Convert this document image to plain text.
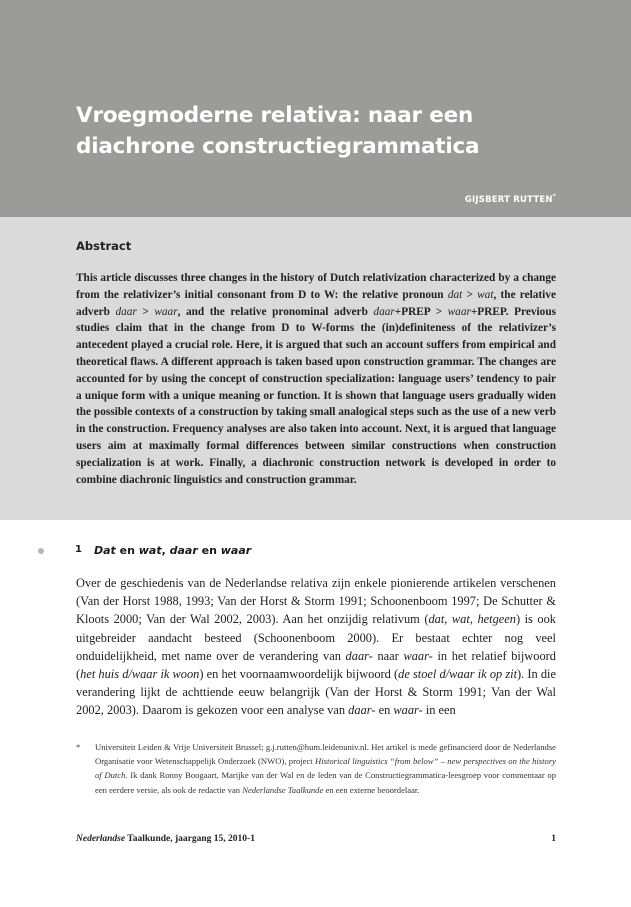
Vroegmoderne relativa: naar een diachrone constructiegrammatica
GIJSBERT RUTTEN*
Abstract
This article discusses three changes in the history of Dutch relativization characterized by a change from the relativizer’s initial consonant from D to W: the relative pronoun dat > wat, the relative adverb daar > waar, and the relative pronominal adverb daar+PREP > waar+PREP. Previous studies claim that in the change from D to W-forms the (in)definiteness of the relativizer’s antecedent played a crucial role. Here, it is argued that such an account suffers from empirical and theoretical flaws. A different approach is taken based upon construction grammar. The changes are accounted for by using the concept of construction specialization: language users’ tendency to pair a unique form with a unique meaning or function. It is shown that language users gradually widen the possible contexts of a construction by taking small analogical steps such as the use of a new verb in the construction. Frequency analyses are also taken into account. Next, it is argued that language users aim at maximally formal differences between similar constructions when construction specialization is at work. Finally, a diachronic construction network is developed in order to combine diachronic linguistics and construction grammar.
1 Dat en wat, daar en waar
Over de geschiedenis van de Nederlandse relativa zijn enkele pionierende artikelen verschenen (Van der Horst 1988, 1993; Van der Horst & Storm 1991; Schoonenboom 1997; De Schutter & Kloots 2000; Van der Wal 2002, 2003). Aan het onzijdig relativum (dat, wat, hetgeen) is ook uitgebreider aandacht besteed (Schoonenboom 2000). Er bestaat echter nog veel onduidelijkheid, met name over de verandering van daar- naar waar- in het relatief bijwoord (het huis d/waar ik woon) en het voornaamwoordelijk bijwoord (de stoel d/waar ik op zit). In die verandering lijkt de achttiende eeuw belangrijk (Van der Horst & Storm 1991; Van der Wal 2002, 2003). Daarom is gekozen voor een analyse van daar- en waar- in een
* Universiteit Leiden & Vrije Universiteit Brussel; g.j.rutten@hum.leidenuniv.nl. Het artikel is mede gefinancierd door de Nederlandse Organisatie voor Wetenschappelijk Onderzoek (NWO), project Historical linguistics “from below” – new perspectives on the history of Dutch. Ik dank Ronny Boogaart, Marijke van der Wal en de leden van de Constructiegrammatica-leesgroep voor commentaar op een eerdere versie, als ook de redactie van Nederlandse Taalkunde en een externe beoordelaar.
Nederlandse Taalkunde, jaargang 15, 2010-1	1
